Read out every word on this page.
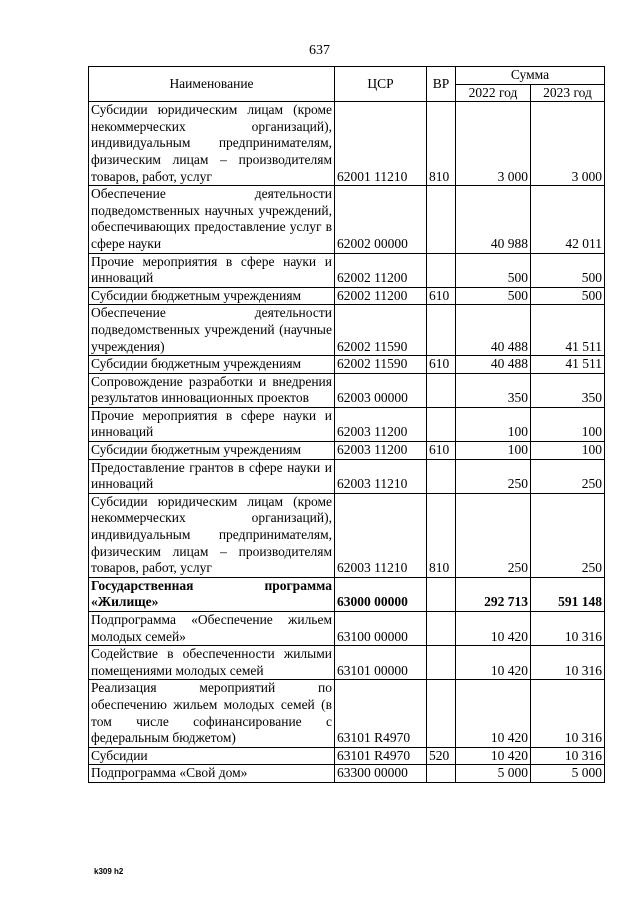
637
Наименование	ЦСР	ВР	Сумма	
			2022 год	2023 год
Субсидии юридическим лицам (кроме некоммерческих организаций), индивидуальным предпринимателям, физическим лицам – производителям товаров, работ, услуг	62001 11210	810	3 000	3 000
Обеспечение деятельности подведомственных научных учреждений, обеспечивающих предоставление услуг в сфере науки	62002 00000		40 988	42 011
Прочие мероприятия в сфере науки и инноваций	62002 11200		500	500
Субсидии бюджетным учреждениям	62002 11200	610	500	500
Обеспечение деятельности подведомственных учреждений (научные учреждения)	62002 11590		40 488	41 511
Субсидии бюджетным учреждениям	62002 11590	610	40 488	41 511
Сопровождение разработки и внедрения результатов инновационных проектов	62003 00000		350	350
Прочие мероприятия в сфере науки и инноваций	62003 11200		100	100
Субсидии бюджетным учреждениям	62003 11200	610	100	100
Предоставление грантов в сфере науки и инноваций	62003 11210		250	250
Субсидии юридическим лицам (кроме некоммерческих организаций), индивидуальным предпринимателям, физическим лицам – производителям товаров, работ, услуг	62003 11210	810	250	250
Государственная программа «Жилище»	63000 00000		292 713	591 148
Подпрограмма «Обеспечение жильем молодых семей»	63100 00000		10 420	10 316
Содействие в обеспеченности жилыми помещениями молодых семей	63101 00000		10 420	10 316
Реализация мероприятий по обеспечению жильем молодых семей (в том числе софинансирование с федеральным бюджетом)	63101 R4970		10 420	10 316
Субсидии	63101 R4970	520	10 420	10 316
Подпрограмма «Свой дом»	63300 00000		5 000	5 000
k309 h2
